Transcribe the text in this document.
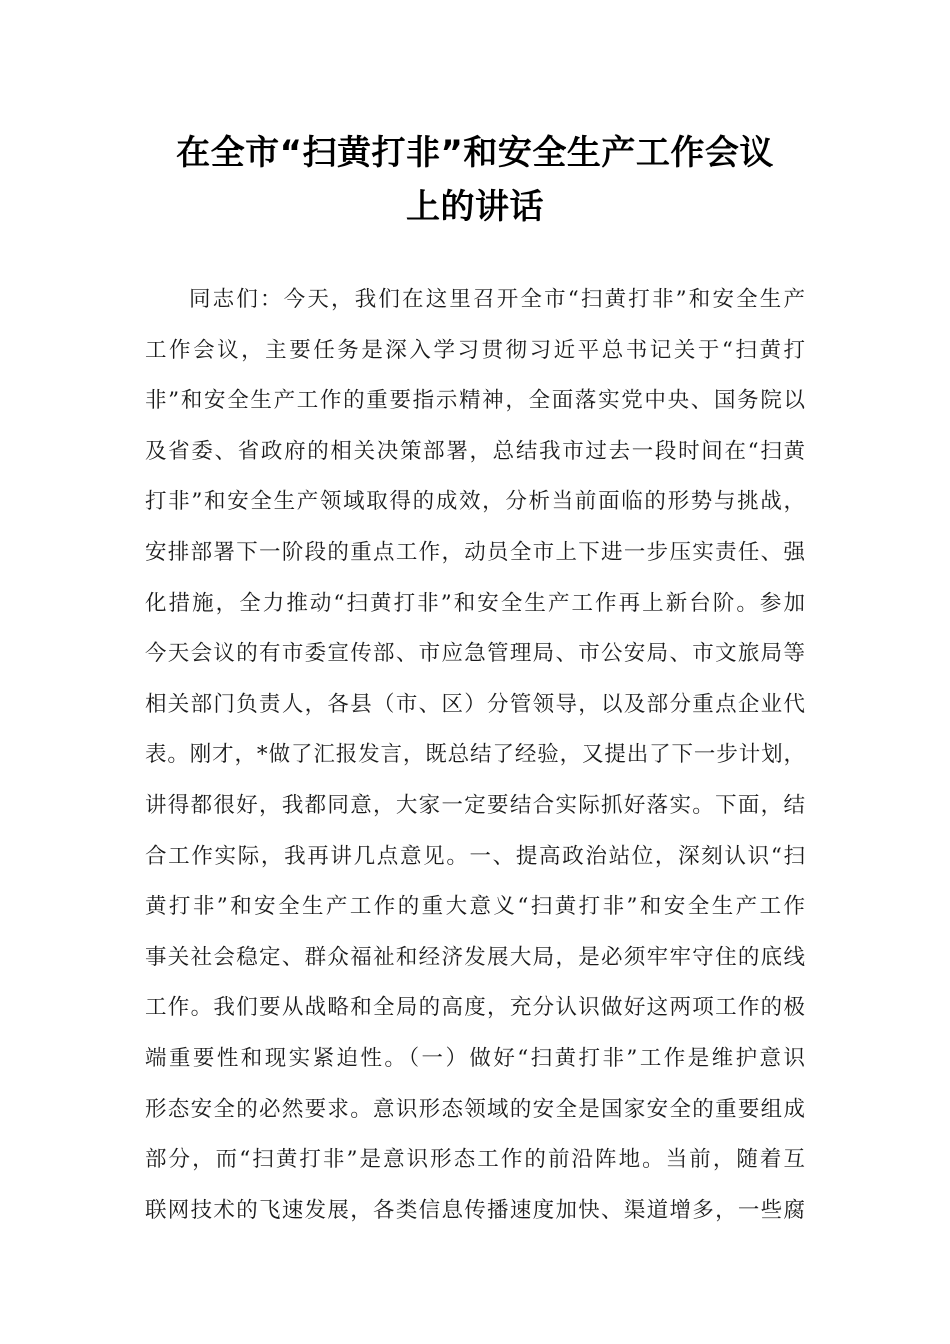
在全市“扫黄打非”和安全生产工作会议
上的讲话
同志们：今天，我们在这里召开全市“扫黄打非”和安全生产
工作会议，主要任务是深入学习贯彻习近平总书记关于“扫黄打
非”和安全生产工作的重要指示精神，全面落实党中央、国务院以
及省委、省政府的相关决策部署，总结我市过去一段时间在“扫黄
打非”和安全生产领域取得的成效，分析当前面临的形势与挑战，
安排部署下一阶段的重点工作，动员全市上下进一步压实责任、强
化措施，全力推动“扫黄打非”和安全生产工作再上新台阶。参加
今天会议的有市委宣传部、市应急管理局、市公安局、市文旅局等
相关部门负责人，各县（市、区）分管领导，以及部分重点企业代
表。刚才，*做了汇报发言，既总结了经验，又提出了下一步计划，
讲得都很好，我都同意，大家一定要结合实际抓好落实。下面，结
合工作实际，我再讲几点意见。一、提高政治站位，深刻认识“扫
黄打非”和安全生产工作的重大意义“扫黄打非”和安全生产工作
事关社会稳定、群众福祉和经济发展大局，是必须牢牢守住的底线
工作。我们要从战略和全局的高度，充分认识做好这两项工作的极
端重要性和现实紧迫性。（一）做好“扫黄打非”工作是维护意识
形态安全的必然要求。意识形态领域的安全是国家安全的重要组成
部分，而“扫黄打非”是意识形态工作的前沿阵地。当前，随着互
联网技术的飞速发展，各类信息传播速度加快、渠道增多，一些腐
